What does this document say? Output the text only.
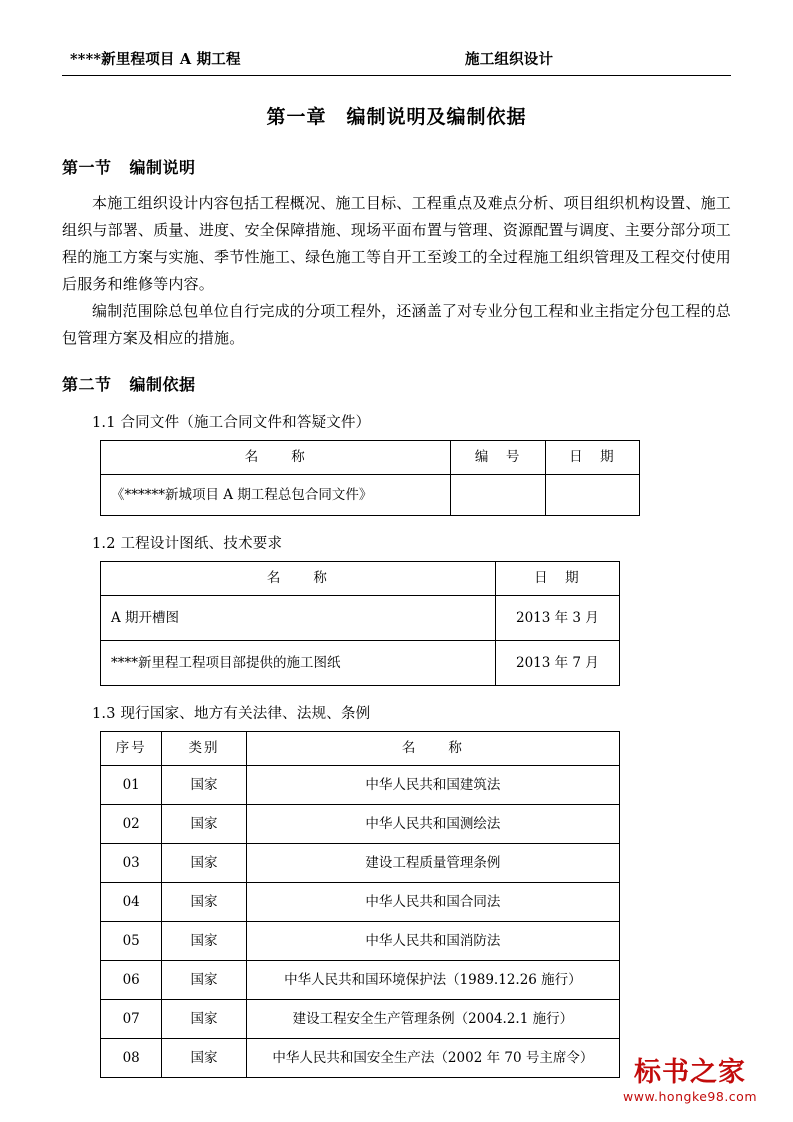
****新里程项目 A 期工程	施工组织设计
第一章　编制说明及编制依据
第一节 编制说明

本施工组织设计内容包括工程概况、施工目标、工程重点及难点分析、项目组织机构设置、施工组织与部署、质量、进度、安全保障措施、现场平面布置与管理、资源配置与调度、主要分部分项工程的施工方案与实施、季节性施工、绿色施工等自开工至竣工的全过程施工组织管理及工程交付使用后服务和维修等内容。

编制范围除总包单位自行完成的分项工程外，还涵盖了对专业分包工程和业主指定分包工程的总包管理方案及相应的措施。

第二节 编制依据
1.1 合同文件（施工合同文件和答疑文件）
名　　称	编　号	日　期
《******新城项目 A 期工程总包合同文件》		
1.2 工程设计图纸、技术要求
名　　称	日　期
A 期开槽图	2013 年 3 月
****新里程工程项目部提供的施工图纸	2013 年 7 月
1.3 现行国家、地方有关法律、法规、条例
序号	类别	名　　称
01	国家	中华人民共和国建筑法
02	国家	中华人民共和国测绘法
03	国家	建设工程质量管理条例
04	国家	中华人民共和国合同法
05	国家	中华人民共和国消防法
06	国家	中华人民共和国环境保护法（1989.12.26 施行）
07	国家	建设工程安全生产管理条例（2004.2.1 施行）
08	国家	中华人民共和国安全生产法（2002 年 70 号主席令）	标书之家
www.hongke98.com
